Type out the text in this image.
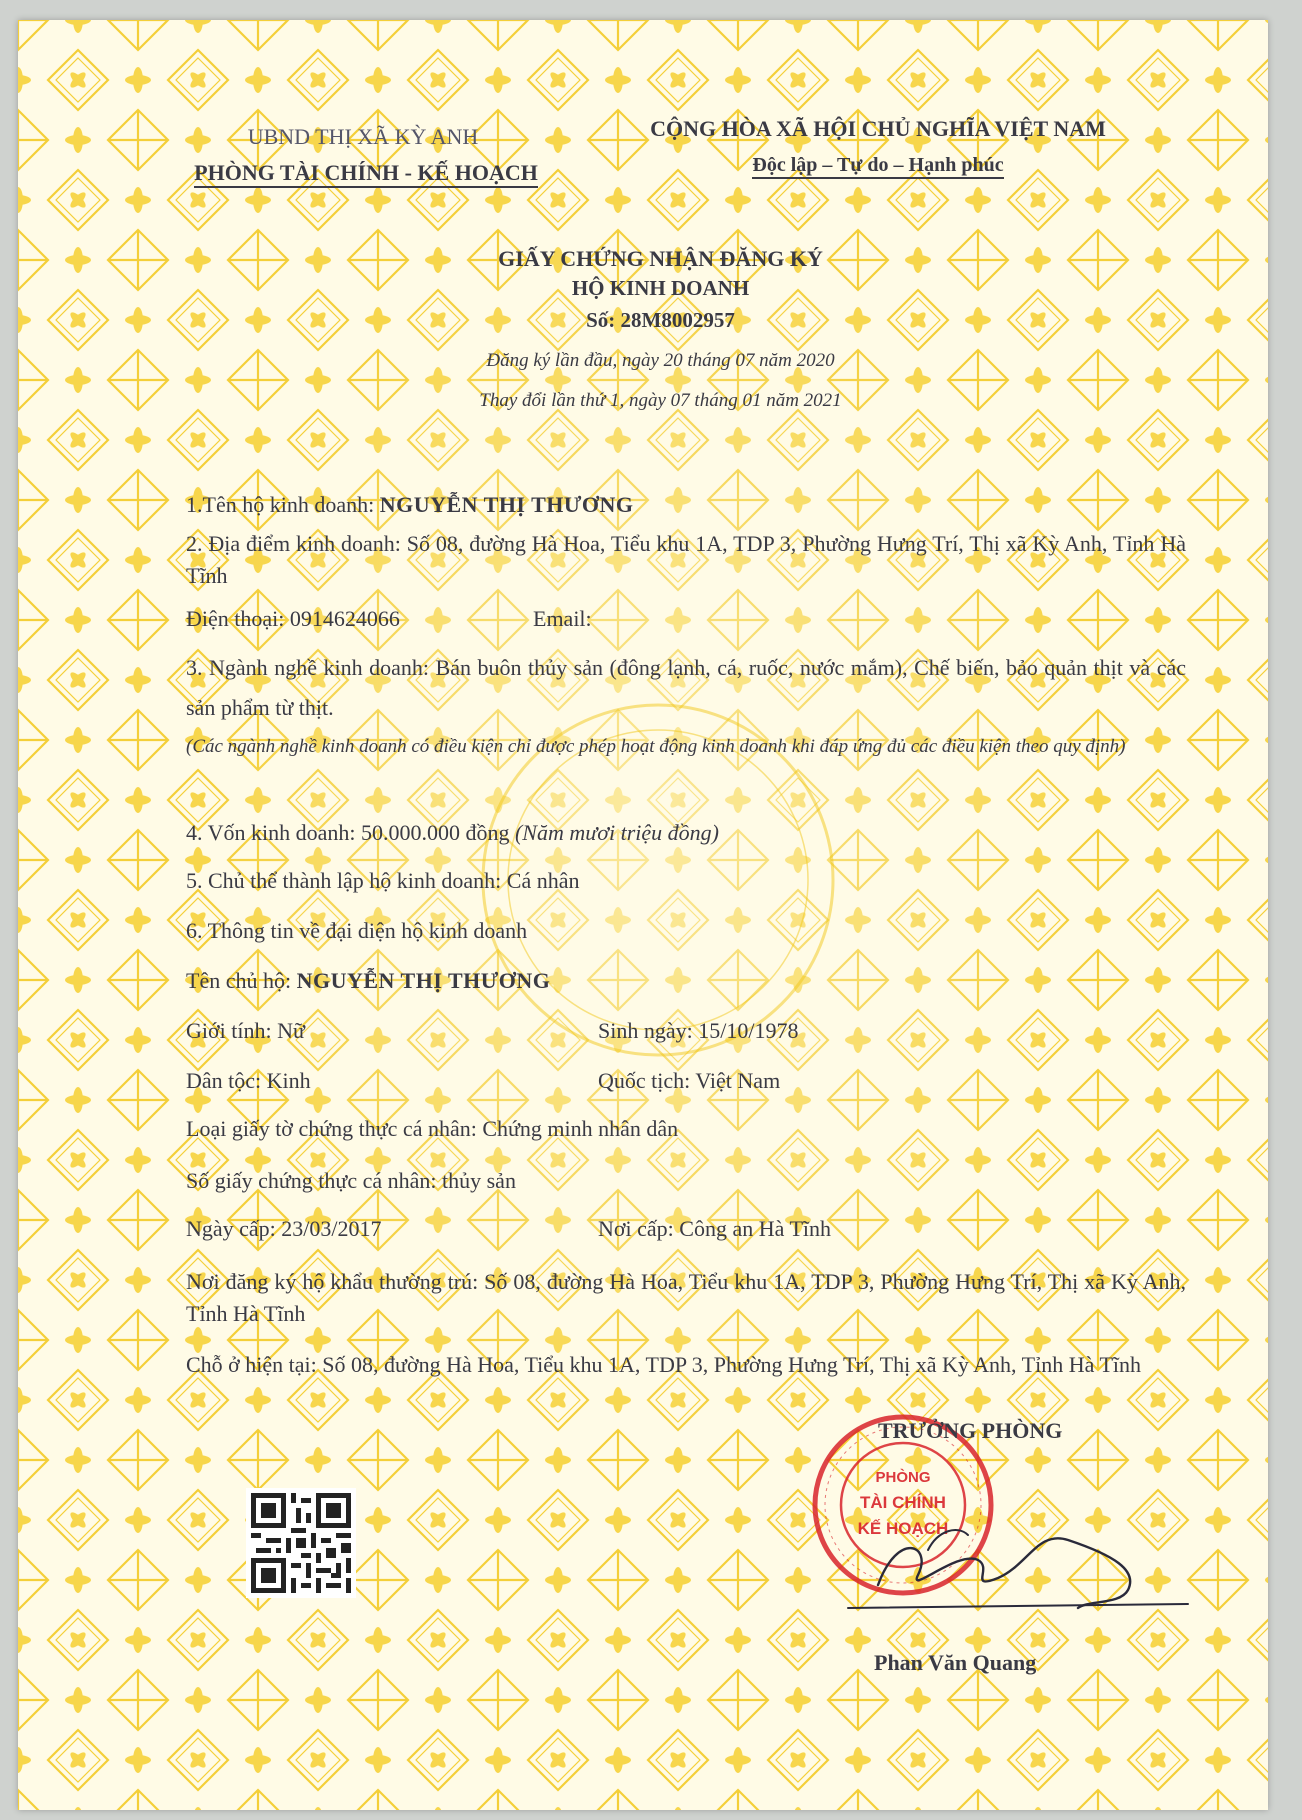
UBND THỊ XÃ KỲ ANH
PHÒNG TÀI CHÍNH - KẾ HOẠCH
CỘNG HÒA XÃ HỘI CHỦ NGHĨA VIỆT NAM
Độc lập – Tự do – Hạnh phúc
GIẤY CHỨNG NHẬN ĐĂNG KÝ
HỘ KINH DOANH
Số: 28M8002957
Đăng ký lần đầu, ngày 20 tháng 07 năm 2020
Thay đổi lần thứ 1, ngày 07 tháng 01 năm 2021
1.Tên hộ kinh doanh: NGUYỄN THỊ THƯƠNG
2. Địa điểm kinh doanh: Số 08, đường Hà Hoa, Tiểu khu 1A, TDP 3, Phường Hưng Trí, Thị xã Kỳ Anh, Tỉnh Hà Tĩnh
Điện thoại: 0914624066	Email:
3. Ngành nghề kinh doanh: Bán buôn thủy sản (đông lạnh, cá, ruốc, nước mắm), Chế biến, bảo quản thịt và các sản phẩm từ thịt.
(Các ngành nghề kinh doanh có điều kiện chỉ được phép hoạt động kinh doanh khi đáp ứng đủ các điều kiện theo quy định)
4. Vốn kinh doanh: 50.000.000 đồng (Năm mươi triệu đồng)
5. Chủ thể thành lập hộ kinh doanh: Cá nhân
6. Thông tin về đại diện hộ kinh doanh
Tên chủ hộ: NGUYỄN THỊ THƯƠNG
Giới tính: Nữ	Sinh ngày: 15/10/1978
Dân tộc: Kinh	Quốc tịch: Việt Nam
Loại giấy tờ chứng thực cá nhân: Chứng minh nhân dân
Số giấy chứng thực cá nhân: thủy sản
Ngày cấp: 23/03/2017	Nơi cấp: Công an Hà Tĩnh
Nơi đăng ký hộ khẩu thường trú: Số 08, đường Hà Hoa, Tiểu khu 1A, TDP 3, Phường Hưng Trí, Thị xã Kỳ Anh, Tỉnh Hà Tĩnh
Chỗ ở hiện tại: Số 08, đường Hà Hoa, Tiểu khu 1A, TDP 3, Phường Hưng Trí, Thị xã Kỳ Anh, Tỉnh Hà Tĩnh
PHÒNG
TÀI CHÍNH
KẾ HOẠCH
TRƯỞNG PHÒNG
Phan Văn Quang
